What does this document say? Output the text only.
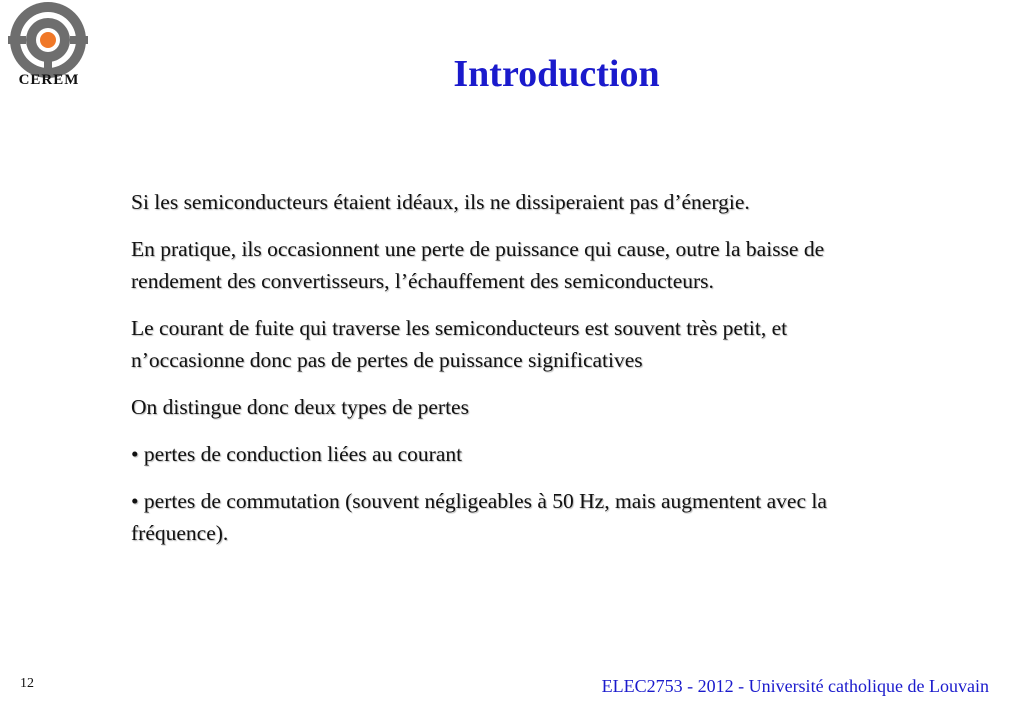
CEREM	Introduction

Si les semiconducteurs étaient idéaux, ils ne dissiperaient pas d’énergie.

En pratique, ils occasionnent une perte de puissance qui cause, outre la baisse de rendement des convertisseurs, l’échauffement des semiconducteurs.

Le courant de fuite qui traverse les semiconducteurs est souvent très petit, et n’occasionne donc pas de pertes de puissance significatives

On distingue donc deux types de pertes

• pertes de conduction liées au courant

• pertes de commutation (souvent négligeables à 50 Hz, mais augmentent avec la fréquence).

12	ELEC2753 - 2012 - Université catholique de Louvain
